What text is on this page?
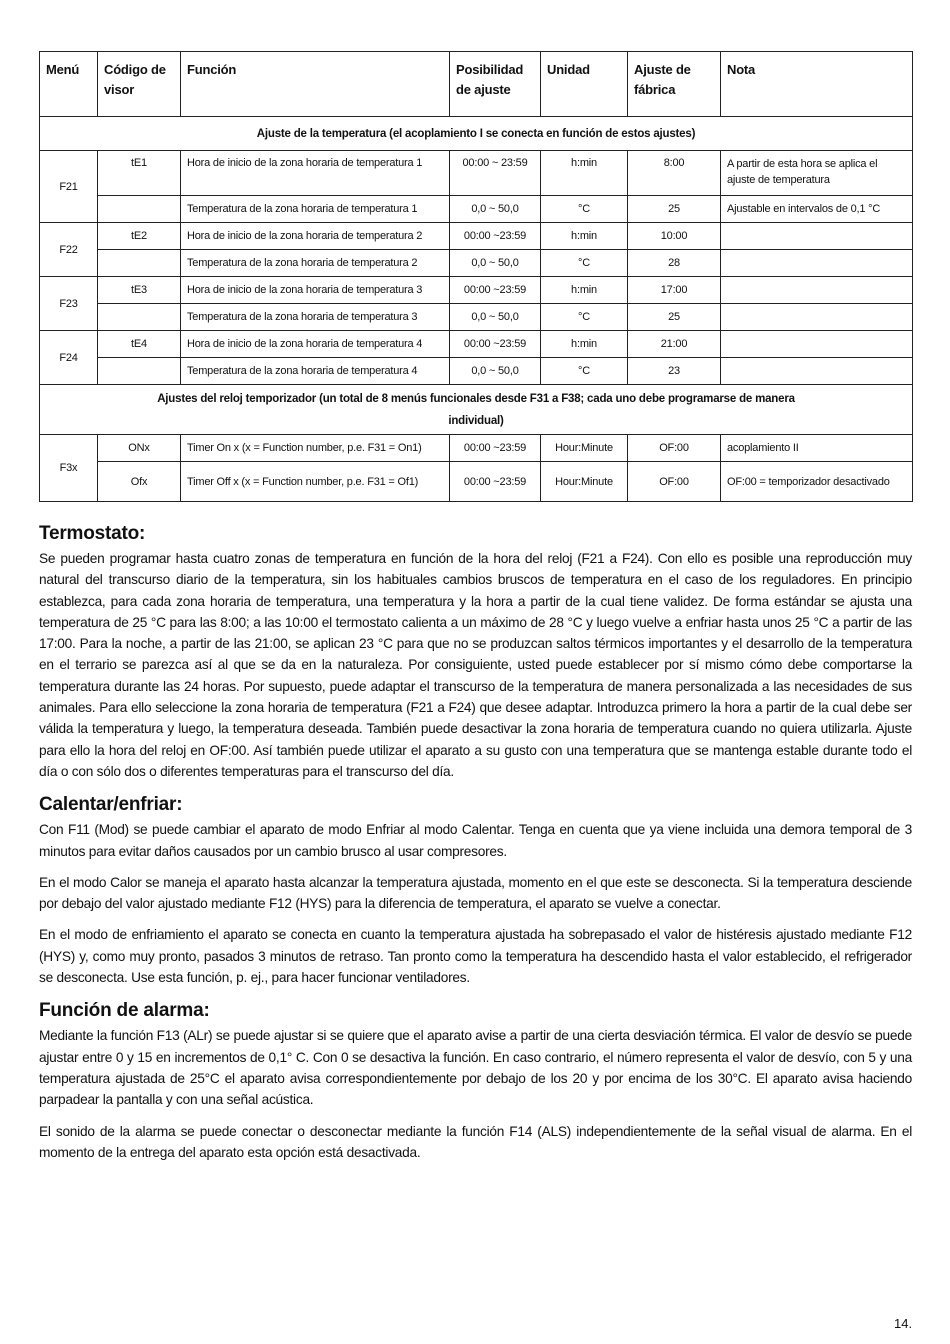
Menú	Código de visor	Función	Posibilidad de ajuste	Unidad	Ajuste de fábrica	Nota
Ajuste de la temperatura (el acoplamiento I se conecta en función de estos ajustes)						
F21	tE1	Hora de inicio de la zona horaria de temperatura 1	00:00 ~ 23:59	h:min	8:00	A partir de esta hora se aplica el ajuste de temperatura
		Temperatura de la zona horaria de temperatura 1	0,0 ~ 50,0	°C	25	Ajustable en intervalos de 0,1 °C
F22	tE2	Hora de inicio de la zona horaria de temperatura 2	00:00 ~23:59	h:min	10:00	
		Temperatura de la zona horaria de temperatura 2	0,0 ~ 50,0	°C	28	
F23	tE3	Hora de inicio de la zona horaria de temperatura 3	00:00 ~23:59	h:min	17:00	
		Temperatura de la zona horaria de temperatura 3	0,0 ~ 50,0	°C	25	
F24	tE4	Hora de inicio de la zona horaria de temperatura 4	00:00 ~23:59	h:min	21:00	
		Temperatura de la zona horaria de temperatura 4	0,0 ~ 50,0	°C	23	
Ajustes del reloj temporizador (un total de 8 menús funcionales desde F31 a F38; cada uno debe programarse de manera individual)						
F3x	ONx	Timer On x (x = Function number, p.e. F31 = On1)	00:00 ~23:59	Hour:Minute	OF:00	acoplamiento II
	Ofx	Timer Off x (x = Function number, p.e. F31 = Of1)	00:00 ~23:59	Hour:Minute	OF:00	OF:00 = temporizador desactivado
Termostato:

Se pueden programar hasta cuatro zonas de temperatura en función de la hora del reloj (F21 a F24). Con ello es posible una reproducción muy natural del transcurso diario de la temperatura, sin los habituales cambios bruscos de temperatura en el caso de los reguladores. En principio establezca, para cada zona horaria de temperatura, una temperatura y la hora a partir de la cual tiene validez. De forma estándar se ajusta una temperatura de 25 °C para las 8:00; a las 10:00 el termostato calienta a un máximo de 28 °C y luego vuelve a enfriar hasta unos 25 °C a partir de las 17:00. Para la noche, a partir de las 21:00, se aplican 23 °C para que no se produzcan saltos térmicos importantes y el desarrollo de la temperatura en el terrario se parezca así al que se da en la naturaleza. Por consiguiente, usted puede establecer por sí mismo cómo debe comportarse la temperatura durante las 24 horas. Por supuesto, puede adaptar el transcurso de la temperatura de manera personalizada a las necesidades de sus animales. Para ello seleccione la zona horaria de temperatura (F21 a F24) que desee adaptar. Introduzca primero la hora a partir de la cual debe ser válida la temperatura y luego, la temperatura deseada. También puede desactivar la zona horaria de temperatura cuando no quiera utilizarla. Ajuste para ello la hora del reloj en OF:00. Así también puede utilizar el aparato a su gusto con una temperatura que se mantenga estable durante todo el día o con sólo dos o diferentes temperaturas para el transcurso del día.

Calentar/enfriar:

Con F11 (Mod) se puede cambiar el aparato de modo Enfriar al modo Calentar. Tenga en cuenta que ya viene incluida una demora temporal de 3 minutos para evitar daños causados por un cambio brusco al usar compresores.

En el modo Calor se maneja el aparato hasta alcanzar la temperatura ajustada, momento en el que este se desconecta. Si la temperatura desciende por debajo del valor ajustado mediante F12 (HYS) para la diferencia de temperatura, el aparato se vuelve a conectar.

En el modo de enfriamiento el aparato se conecta en cuanto la temperatura ajustada ha sobrepasado el valor de histéresis ajustado mediante F12 (HYS) y, como muy pronto, pasados 3 minutos de retraso. Tan pronto como la temperatura ha descendido hasta el valor establecido, el refrigerador se desconecta. Use esta función, p. ej., para hacer funcionar ventiladores.

Función de alarma:

Mediante la función F13 (ALr) se puede ajustar si se quiere que el aparato avise a partir de una cierta desviación térmica. El valor de desvío se puede ajustar entre 0 y 15 en incrementos de 0,1° C. Con 0 se desactiva la función. En caso contrario, el número representa el valor de desvío, con 5 y una temperatura ajustada de 25°C el aparato avisa correspondientemente por debajo de los 20 y por encima de los 30°C. El aparato avisa haciendo parpadear la pantalla y con una señal acústica.

El sonido de la alarma se puede conectar o desconectar mediante la función F14 (ALS) independientemente de la señal visual de alarma. En el momento de la entrega del aparato esta opción está desactivada.

14.
